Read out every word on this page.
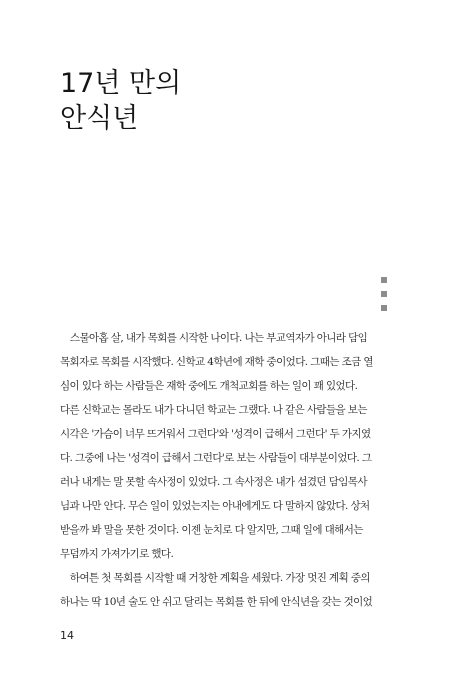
17년 만의
안식년
　스물아홉 살, 내가 목회를 시작한 나이다. 나는 부교역자가 아니라 담임
목회자로 목회를 시작했다. 신학교 4학년에 재학 중이었다. 그때는 조금 열
심이 있다 하는 사람들은 재학 중에도 개척교회를 하는 일이 꽤 있었다.
다른 신학교는 몰라도 내가 다니던 학교는 그랬다. 나 같은 사람들을 보는
시각은 '가슴이 너무 뜨거워서 그런다'와 '성격이 급해서 그런다' 두 가지였
다. 그중에 나는 '성격이 급해서 그런다'로 보는 사람들이 대부분이었다. 그
러나 내게는 말 못할 속사정이 있었다. 그 속사정은 내가 섬겼던 담임목사
님과 나만 안다. 무슨 일이 있었는지는 아내에게도 다 말하지 않았다. 상처
받을까 봐 말을 못한 것이다. 이젠 눈치로 다 알지만, 그때 일에 대해서는
무덤까지 가져가기로 했다.
　하여튼 첫 목회를 시작할 때 거창한 계획을 세웠다. 가장 멋진 계획 중의
하나는 딱 10년 술도 안 쉬고 달리는 목회를 한 뒤에 안식년을 갖는 것이었
14
